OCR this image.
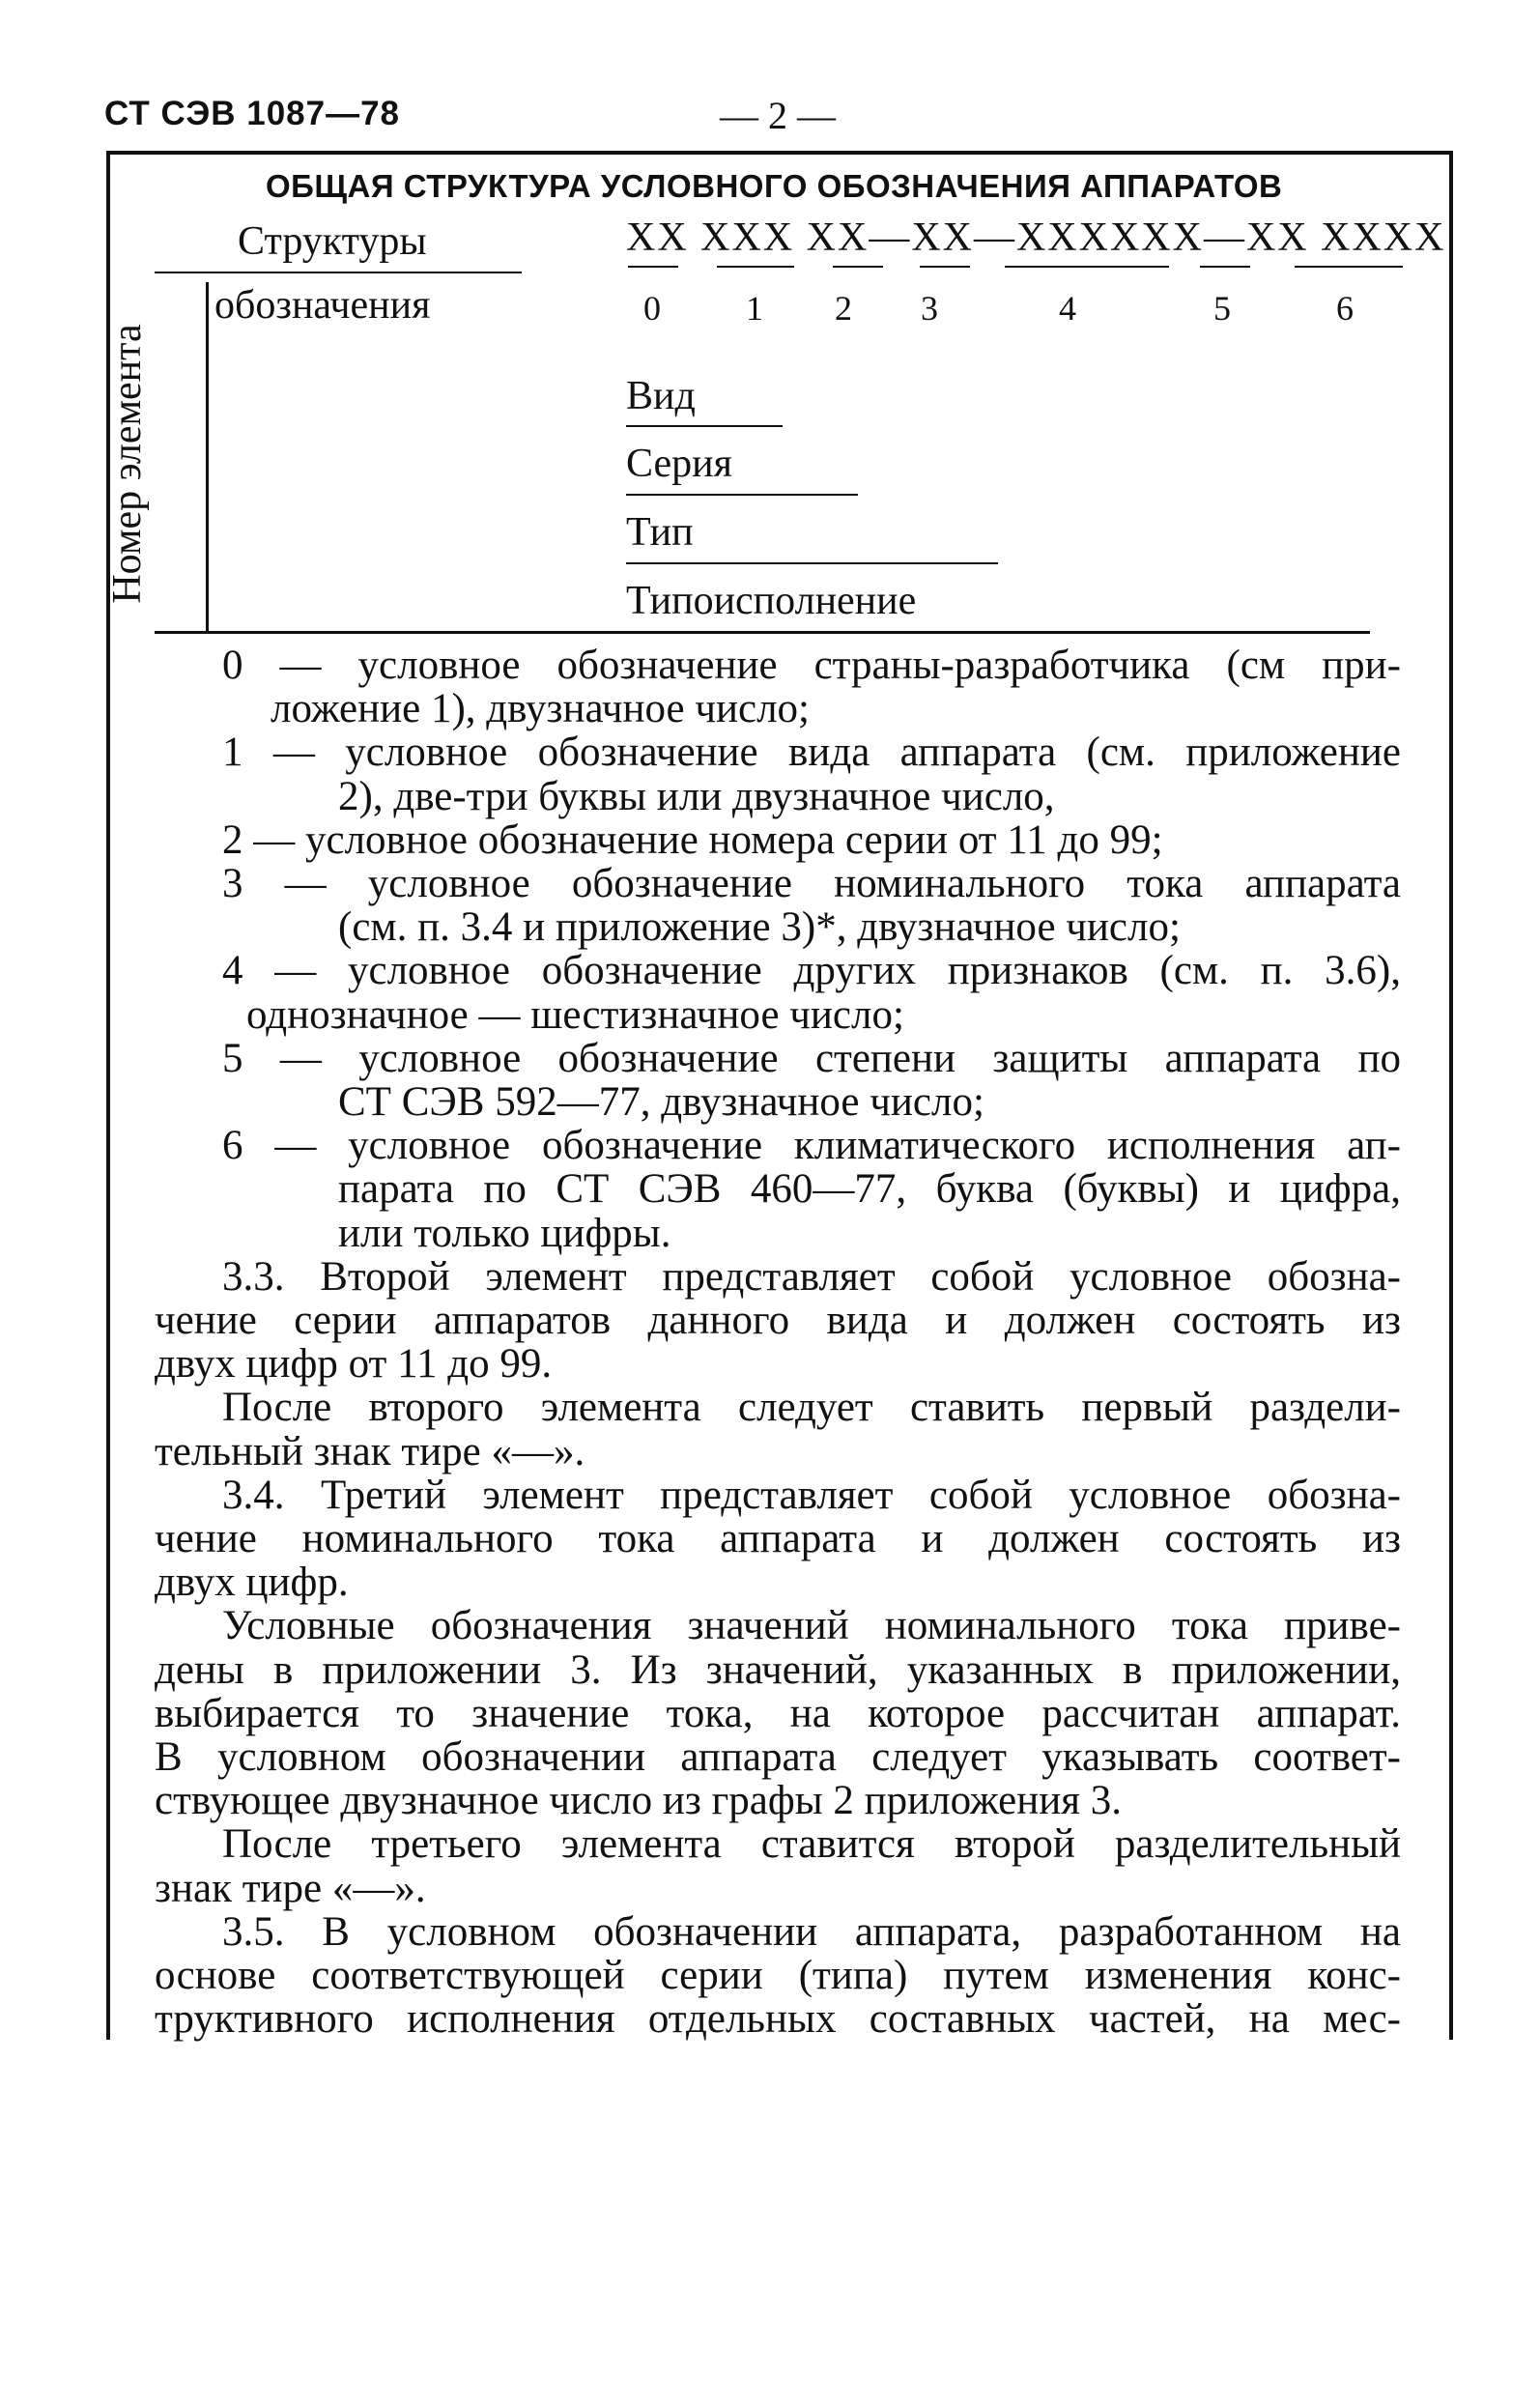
СТ СЭВ 1087—78	— 2 —
ОБЩАЯ СТРУКТУРА УСЛОВНОГО ОБОЗНАЧЕНИЯ АППАРАТОВ
Структуры	XX XXX XX—XX—XXXXXX—XX XXXX
Номер элемента
обозначения	0 1 2 3	4	5	6
Вид
Серия
Тип
Типоисполнение
0 — условное обозначение страны-разработчика (см при-
ложение 1), двузначное число;
1 — условное обозначение вида аппарата (см. приложение
2), две-три буквы или двузначное число,
2 — условное обозначение номера серии от 11 до 99;
3 — условное обозначение номинального тока аппарата
(см. п. 3.4 и приложение 3)*, двузначное число;
4 — условное обозначение других признаков (см. п. 3.6),
однозначное — шестизначное число;
5 — условное обозначение степени защиты аппарата по
СТ СЭВ 592—77, двузначное число;
6 — условное обозначение климатического исполнения ап-
парата по СТ СЭВ 460—77, буква (буквы) и цифра,
или только цифры.
3.3. Второй элемент представляет собой условное обозна-
чение серии аппаратов данного вида и должен состоять из
двух цифр от 11 до 99.
После второго элемента следует ставить первый раздели-
тельный знак тире «—».
3.4. Третий элемент представляет собой условное обозна-
чение номинального тока аппарата и должен состоять из
двух цифр.
Условные обозначения значений номинального тока приве-
дены в приложении 3. Из значений, указанных в приложении,
выбирается то значение тока, на которое рассчитан аппарат.
В условном обозначении аппарата следует указывать соответ-
ствующее двузначное число из графы 2 приложения 3.
После третьего элемента ставится второй разделительный
знак тире «—».
3.5. В условном обозначении аппарата, разработанном на
основе соответствующей серии (типа) путем изменения конс-
труктивного исполнения отдельных составных частей, на мес-
